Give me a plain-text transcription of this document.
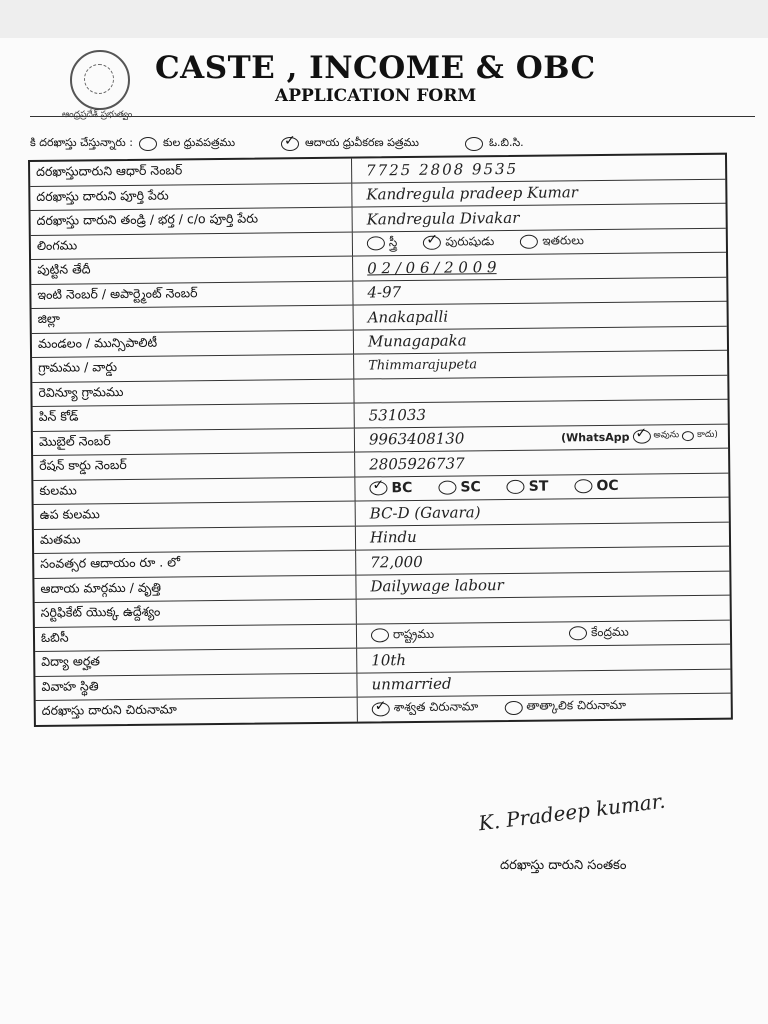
ఆంధ్రప్రదేశ్ ప్రభుత్వం
CASTE , INCOME & OBC
APPLICATION FORM
కి దరఖాస్తు చేస్తున్నారు :	కుల ధ్రువపత్రము ✓	ఆదాయ ధ్రువీకరణ పత్రము	ఓ.బి.సి.
దరఖాస్తుదారుని ఆధార్ నెంబర్	7725 2808 9535
దరఖాస్తు దారుని పూర్తి పేరు	Kandregula pradeep Kumar
దరఖాస్తు దారుని తండ్రి / భర్త / c/o పూర్తి పేరు	Kandregula Divakar
లింగము	స్త్రీ ✓	పురుషుడు	ఇతరులు
పుట్టిన తేదీ	0 2 / 0 6 / 2 0 0 9
ఇంటి నెంబర్ / అపార్ట్మెంట్ నెంబర్	4-97
జిల్లా	Anakapalli
మండలం / మున్సిపాలిటీ	Munagapaka
గ్రామము / వార్డు	Thimmarajupeta
రెవిన్యూ గ్రామము
పిన్ కోడ్	531033
మొబైల్ నెంబర్	9963408130	(WhatsApp ✓	అవును కాదు)
రేషన్ కార్డు నెంబర్	2805926737
కులము ✓	BC	SC	ST	OC
ఉప కులము	BC-D (Gavara)
మతము	Hindu
సంవత్సర ఆదాయం రూ . లో	72,000
ఆదాయ మార్గము / వృత్తి	Dailywage labour
సర్టిఫికేట్ యొక్క ఉద్దేశ్యం
ఓబిసీ	రాష్ట్రము	కేంద్రము
విద్యా అర్హత	10th
వివాహ స్థితి	unmarried
దరఖాస్తు దారుని చిరునామా ✓	శాశ్వత చిరునామా	తాత్కాలిక చిరునామా
K. Pradeep kumar.
దరఖాస్తు దారుని సంతకం
